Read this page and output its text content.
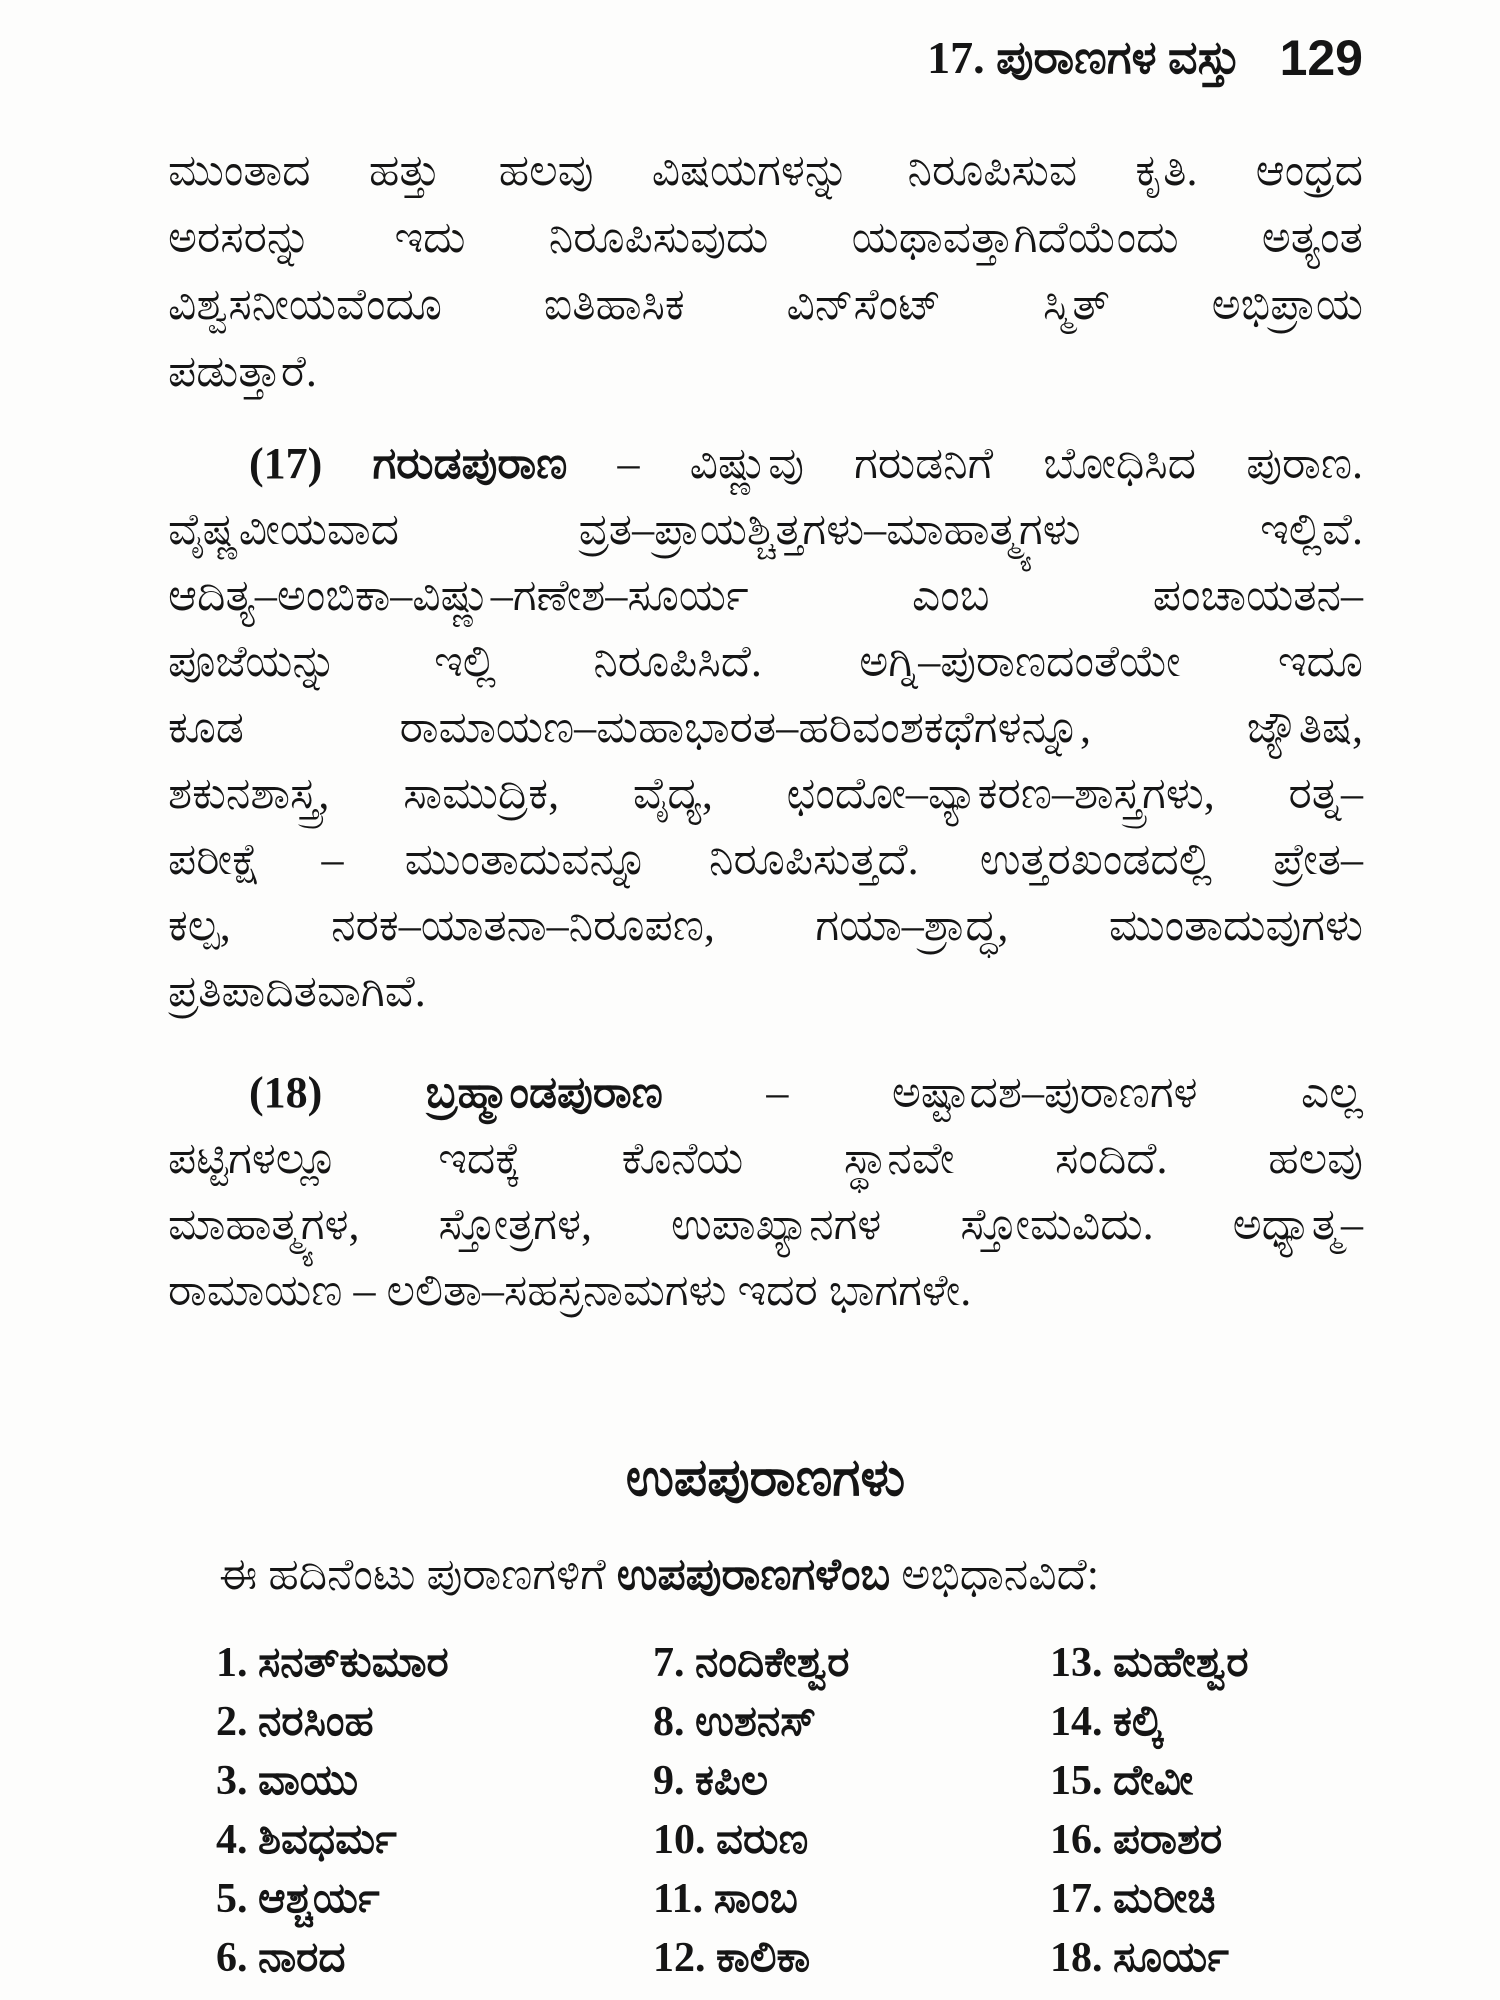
17. ಪುರಾಣಗಳ ವಸ್ತು 129
ಮುಂತಾದ ಹತ್ತು ಹಲವು ವಿಷಯಗಳನ್ನು ನಿರೂಪಿಸುವ ಕೃತಿ. ಆಂಧ್ರದ
ಅರಸರನ್ನು ಇದು ನಿರೂಪಿಸುವುದು ಯಥಾವತ್ತಾಗಿದೆಯೆಂದು ಅತ್ಯಂತ
ವಿಶ್ವಸನೀಯವೆಂದೂ ಐತಿಹಾಸಿಕ ವಿನ್‌ಸೆಂಟ್ ಸ್ಮಿತ್ ಅಭಿಪ್ರಾಯ
ಪಡುತ್ತಾರೆ.
(17) ಗರುಡಪುರಾಣ – ವಿಷ್ಣುವು ಗರುಡನಿಗೆ ಬೋಧಿಸಿದ ಪುರಾಣ.
ವೈಷ್ಣವೀಯವಾದ ವ್ರತ–ಪ್ರಾಯಶ್ಚಿತ್ತಗಳು–ಮಾಹಾತ್ಮ್ಯಗಳು ಇಲ್ಲಿವೆ.
ಆದಿತ್ಯ–ಅಂಬಿಕಾ–ವಿಷ್ಣು–ಗಣೇಶ–ಸೂರ್ಯ ಎಂಬ ಪಂಚಾಯತನ–
ಪೂಜೆಯನ್ನು ಇಲ್ಲಿ ನಿರೂಪಿಸಿದೆ. ಅಗ್ನಿ–ಪುರಾಣದಂತೆಯೇ ಇದೂ
ಕೂಡ ರಾಮಾಯಣ–ಮಹಾಭಾರತ–ಹರಿವಂಶಕಥೆಗಳನ್ನೂ, ಜ್ಯೌತಿಷ,
ಶಕುನಶಾಸ್ತ್ರ, ಸಾಮುದ್ರಿಕ, ವೈದ್ಯ, ಛಂದೋ–ವ್ಯಾಕರಣ–ಶಾಸ್ತ್ರಗಳು, ರತ್ನ–
ಪರೀಕ್ಷೆ – ಮುಂತಾದುವನ್ನೂ ನಿರೂಪಿಸುತ್ತದೆ. ಉತ್ತರಖಂಡದಲ್ಲಿ ಪ್ರೇತ–
ಕಲ್ಪ, ನರಕ–ಯಾತನಾ–ನಿರೂಪಣ, ಗಯಾ–ಶ್ರಾದ್ಧ, ಮುಂತಾದುವುಗಳು
ಪ್ರತಿಪಾದಿತವಾಗಿವೆ.
(18) ಬ್ರಹ್ಮಾಂಡಪುರಾಣ – ಅಷ್ಟಾದಶ–ಪುರಾಣಗಳ ಎಲ್ಲ
ಪಟ್ಟಿಗಳಲ್ಲೂ ಇದಕ್ಕೆ ಕೊನೆಯ ಸ್ಥಾನವೇ ಸಂದಿದೆ. ಹಲವು
ಮಾಹಾತ್ಮ್ಯಗಳ, ಸ್ತೋತ್ರಗಳ, ಉಪಾಖ್ಯಾನಗಳ ಸ್ತೋಮವಿದು. ಅಧ್ಯಾತ್ಮ–
ರಾಮಾಯಣ – ಲಲಿತಾ–ಸಹಸ್ರನಾಮಗಳು ಇದರ ಭಾಗಗಳೇ.
ಉಪಪುರಾಣಗಳು
ಈ ಹದಿನೆಂಟು ಪುರಾಣಗಳಿಗೆ ಉಪಪುರಾಣಗಳೆಂಬ ಅಭಿಧಾನವಿದೆ:
1. ಸನತ್‌ಕುಮಾರ
2. ನರಸಿಂಹ
3. ವಾಯು
4. ಶಿವಧರ್ಮ
5. ಆಶ್ಚರ್ಯ
6. ನಾರದ
7. ನಂದಿಕೇಶ್ವರ
8. ಉಶನಸ್
9. ಕಪಿಲ
10. ವರುಣ
11. ಸಾಂಬ
12. ಕಾಲಿಕಾ
13. ಮಹೇಶ್ವರ
14. ಕಲ್ಕಿ
15. ದೇವೀ
16. ಪರಾಶರ
17. ಮರೀಚಿ
18. ಸೂರ್ಯ
